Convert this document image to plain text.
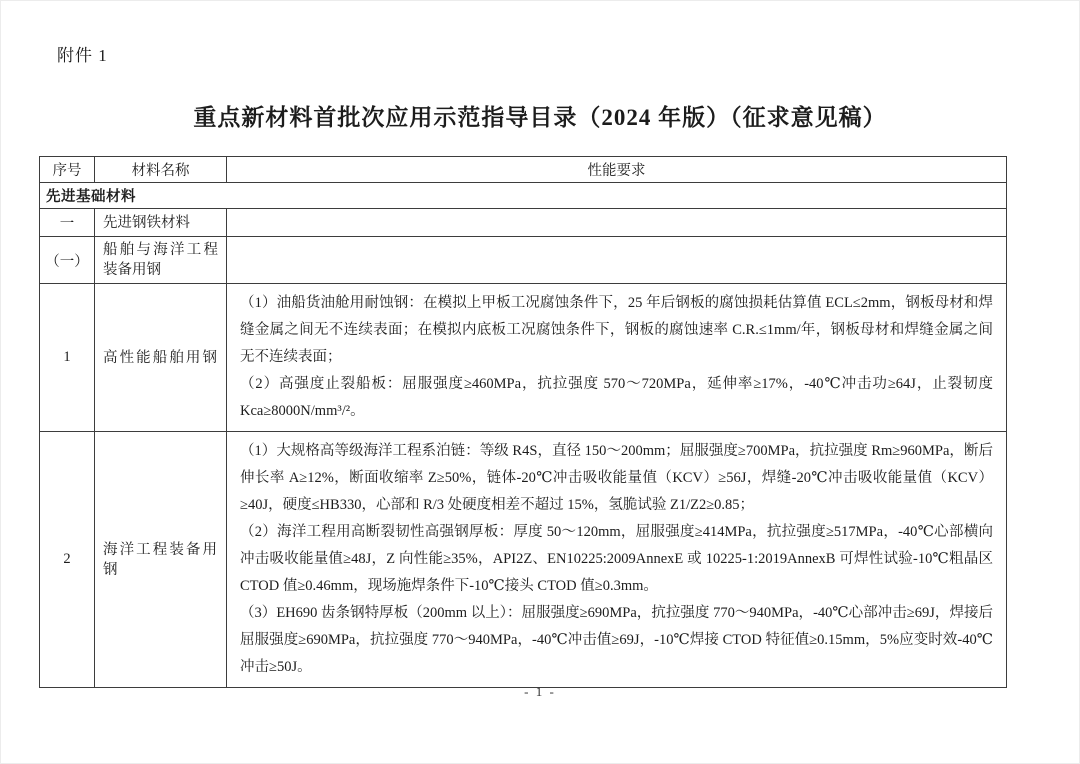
附件 1
重点新材料首批次应用示范指导目录（2024 年版）（征求意见稿）
序号	材料名称	性能要求
先进基础材料		
一	先进钢铁材料	
（一）	船舶与海洋工程装备用钢	
1	高性能船舶用钢	（1）油船货油舱用耐蚀钢：在模拟上甲板工况腐蚀条件下，25 年后钢板的腐蚀损耗估算值 ECL≤2mm，钢板母材和焊缝金属之间无不连续表面；在模拟内底板工况腐蚀条件下，钢板的腐蚀速率 C.R.≤1mm/年，钢板母材和焊缝金属之间无不连续表面；

（2）高强度止裂船板：屈服强度≥460MPa，抗拉强度 570～720MPa，延伸率≥17%，-40℃冲击功≥64J，止裂韧度 Kca≥8000N/mm³/²。

2	海洋工程装备用钢	（1）大规格高等级海洋工程系泊链：等级 R4S，直径 150～200mm；屈服强度≥700MPa，抗拉强度 Rm≥960MPa，断后伸长率 A≥12%，断面收缩率 Z≥50%，链体-20℃冲击吸收能量值（KCV）≥56J，焊缝-20℃冲击吸收能量值（KCV）≥40J，硬度≤HB330，心部和 R/3 处硬度相差不超过 15%，氢脆试验 Z1/Z2≥0.85；

（2）海洋工程用高断裂韧性高强钢厚板：厚度 50～120mm，屈服强度≥414MPa，抗拉强度≥517MPa，-40℃心部横向冲击吸收能量值≥48J，Z 向性能≥35%，API2Z、EN10225:2009AnnexE 或 10225-1:2019AnnexB 可焊性试验-10℃粗晶区 CTOD 值≥0.46mm，现场施焊条件下-10℃接头 CTOD 值≥0.3mm。

（3）EH690 齿条钢特厚板（200mm 以上）：屈服强度≥690MPa，抗拉强度 770～940MPa，-40℃心部冲击≥69J，焊接后屈服强度≥690MPa，抗拉强度 770～940MPa，-40℃冲击值≥69J，-10℃焊接 CTOD 特征值≥0.15mm，5%应变时效-40℃冲击≥50J。

- 1 -
